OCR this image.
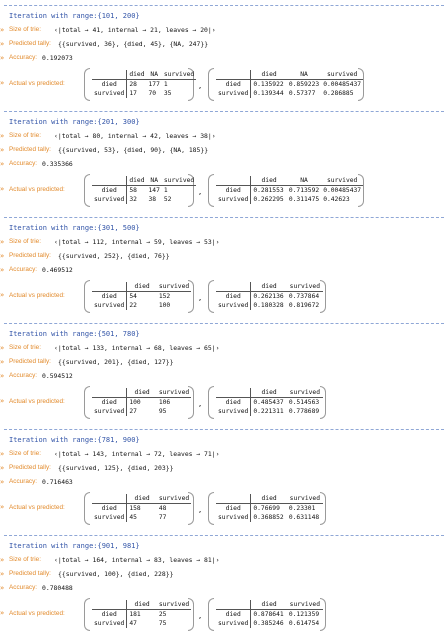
Iteration with range:{101, 200}
» Size of trie: ‹|total → 41, internal → 21, leaves → 20|›
» Predicted tally: {{survived, 36}, {died, 45}, {NA, 247}}
» Accuracy: 0.192073
» Actual vs predicted:
	died	NA	survived
died	28	177	1
survived	17	70	35
,
	died	NA	survived
died	0.135922	0.859223	0.00485437
survived	0.139344	0.57377	0.286885
Iteration with range:{201, 300}
» Size of trie: ‹|total → 80, internal → 42, leaves → 38|›
» Predicted tally: {{survived, 53}, {died, 90}, {NA, 185}}
» Accuracy: 0.335366
» Actual vs predicted:
	died	NA	survived
died	58	147	1
survived	32	38	52
,
	died	NA	survived
died	0.281553	0.713592	0.00485437
survived	0.262295	0.311475	0.42623
Iteration with range:{301, 500}
» Size of trie: ‹|total → 112, internal → 59, leaves → 53|›
» Predicted tally: {{survived, 252}, {died, 76}}
» Accuracy: 0.469512
» Actual vs predicted:
	died	survived
died	54	152
survived	22	100
,
	died	survived
died	0.262136	0.737864
survived	0.180328	0.819672
Iteration with range:{501, 780}
» Size of trie: ‹|total → 133, internal → 68, leaves → 65|›
» Predicted tally: {{survived, 201}, {died, 127}}
» Accuracy: 0.594512
» Actual vs predicted:
	died	survived
died	100	106
survived	27	95
,
	died	survived
died	0.485437	0.514563
survived	0.221311	0.778689
Iteration with range:{781, 900}
» Size of trie: ‹|total → 143, internal → 72, leaves → 71|›
» Predicted tally: {{survived, 125}, {died, 203}}
» Accuracy: 0.716463
» Actual vs predicted:
	died	survived
died	158	48
survived	45	77
,
	died	survived
died	0.76699	0.23301
survived	0.368852	0.631148
Iteration with range:{901, 981}
» Size of trie: ‹|total → 164, internal → 83, leaves → 81|›
» Predicted tally: {{survived, 100}, {died, 228}}
» Accuracy: 0.780488
» Actual vs predicted:
	died	survived
died	181	25
survived	47	75
,
	died	survived
died	0.878641	0.121359
survived	0.385246	0.614754
